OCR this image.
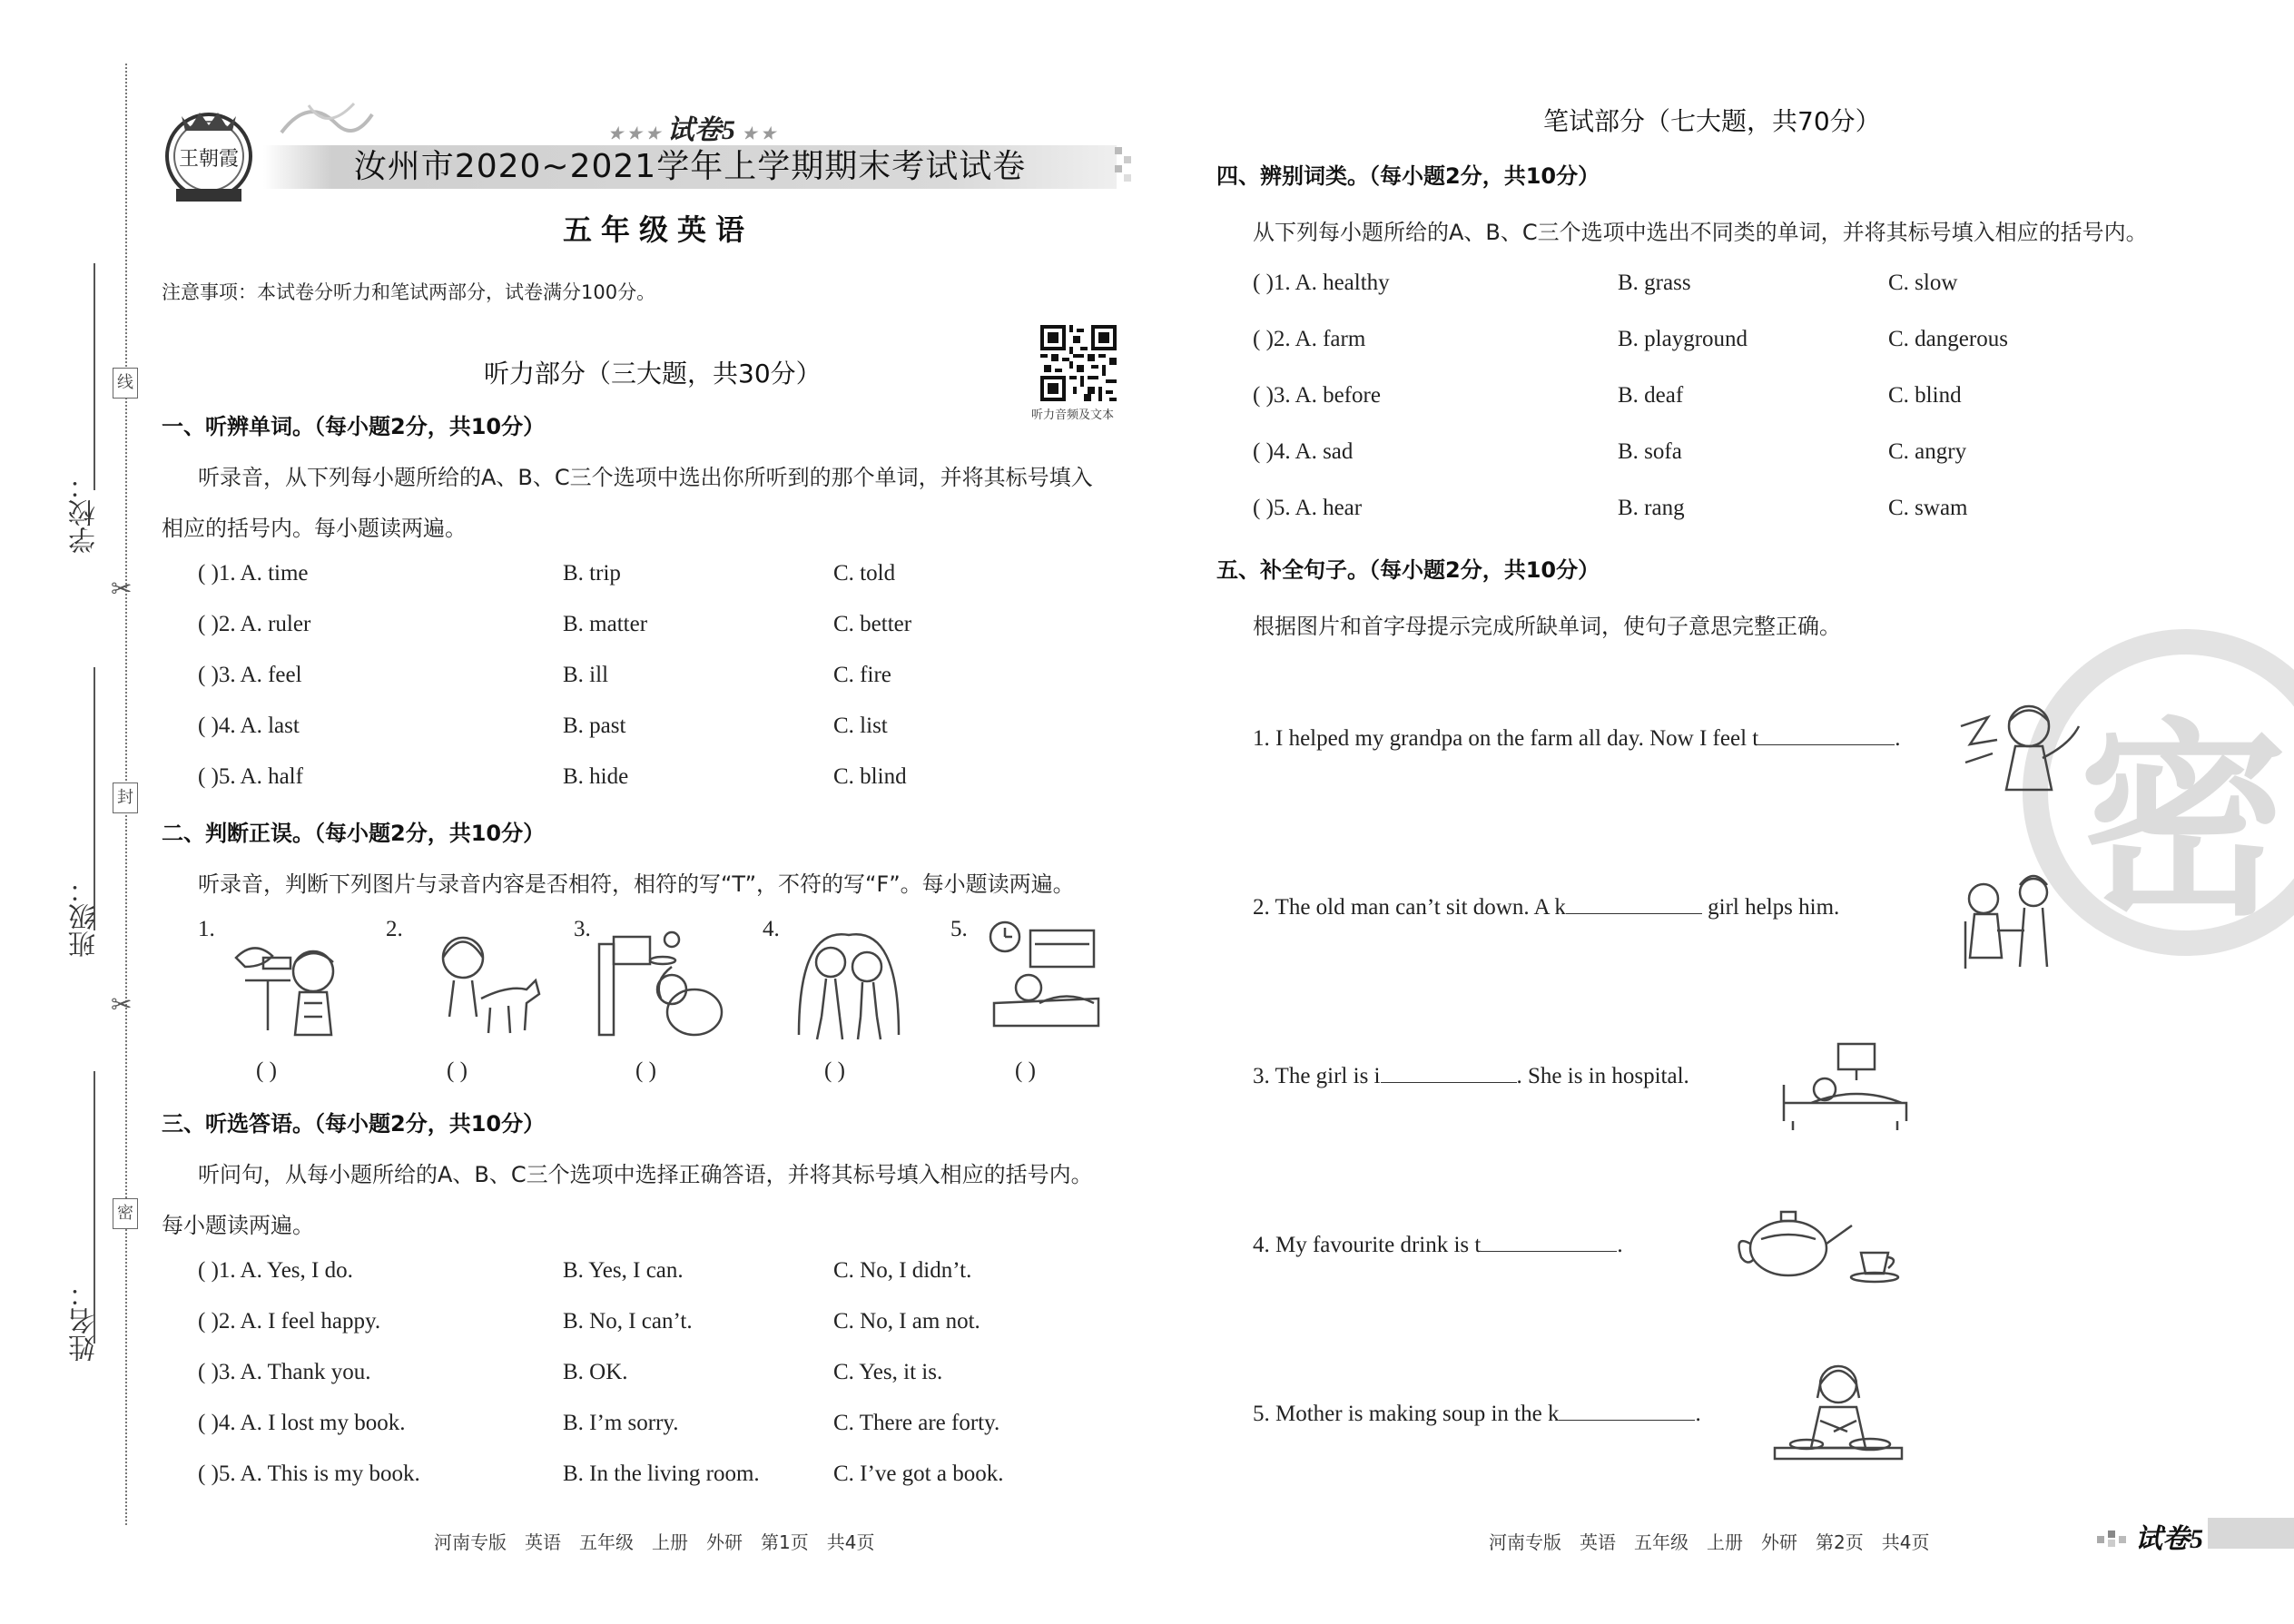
学校：
班级：
姓名：
线
封
密
✂
✂
王朝霞
★ ★ ★ 试卷5 ★ ★
汝州市2020~2021学年上学期期末考试试卷
五年级英语
注意事项：本试卷分听力和笔试两部分，试卷满分100分。
听力部分（三大题，共30分）
听力音频及文本
一、听辨单词。（每小题2分，共10分）
听录音，从下列每小题所给的A、B、C三个选项中选出你所听到的那个单词，并将其标号填入
相应的括号内。每小题读两遍。
( )1. A. time	B. trip	C. told
( )2. A. ruler	B. matter	C. better
( )3. A. feel	B. ill	C. fire
( )4. A. last	B. past	C. list
( )5. A. half	B. hide	C. blind
二、判断正误。（每小题2分，共10分）
听录音，判断下列图片与录音内容是否相符，相符的写“T”，不符的写“F”。每小题读两遍。
1.	2.	3.	4.	5.
( )	( )	( )	( )	( )
三、听选答语。（每小题2分，共10分）
听问句，从每小题所给的A、B、C三个选项中选择正确答语，并将其标号填入相应的括号内。
每小题读两遍。
( )1. A. Yes, I do.	B. Yes, I can.	C. No, I didn’t.
( )2. A. I feel happy.	B. No, I can’t.	C. No, I am not.
( )3. A. Thank you.	B. OK.	C. Yes, it is.
( )4. A. I lost my book.	B. I’m sorry.	C. There are forty.
( )5. A. This is my book.	B. In the living room.	C. I’ve got a book.
河南专版　英语　五年级　上册　外研　第1页　共4页
密
笔试部分（七大题，共70分）
四、辨别词类。（每小题2分，共10分）
从下列每小题所给的A、B、C三个选项中选出不同类的单词，并将其标号填入相应的括号内。
( )1. A. healthy	B. grass	C. slow
( )2. A. farm	B. playground	C. dangerous
( )3. A. before	B. deaf	C. blind
( )4. A. sad	B. sofa	C. angry
( )5. A. hear	B. rang	C. swam
五、补全句子。（每小题2分，共10分）
根据图片和首字母提示完成所缺单词，使句子意思完整正确。
1. I helped my grandpa on the farm all day. Now I feel t	.
2. The old man can’t sit down. A k	girl helps him.
3. The girl is i	. She is in hospital.
4. My favourite drink is t	.
5. Mother is making soup in the k	.
河南专版　英语　五年级　上册　外研　第2页　共4页	试卷5
